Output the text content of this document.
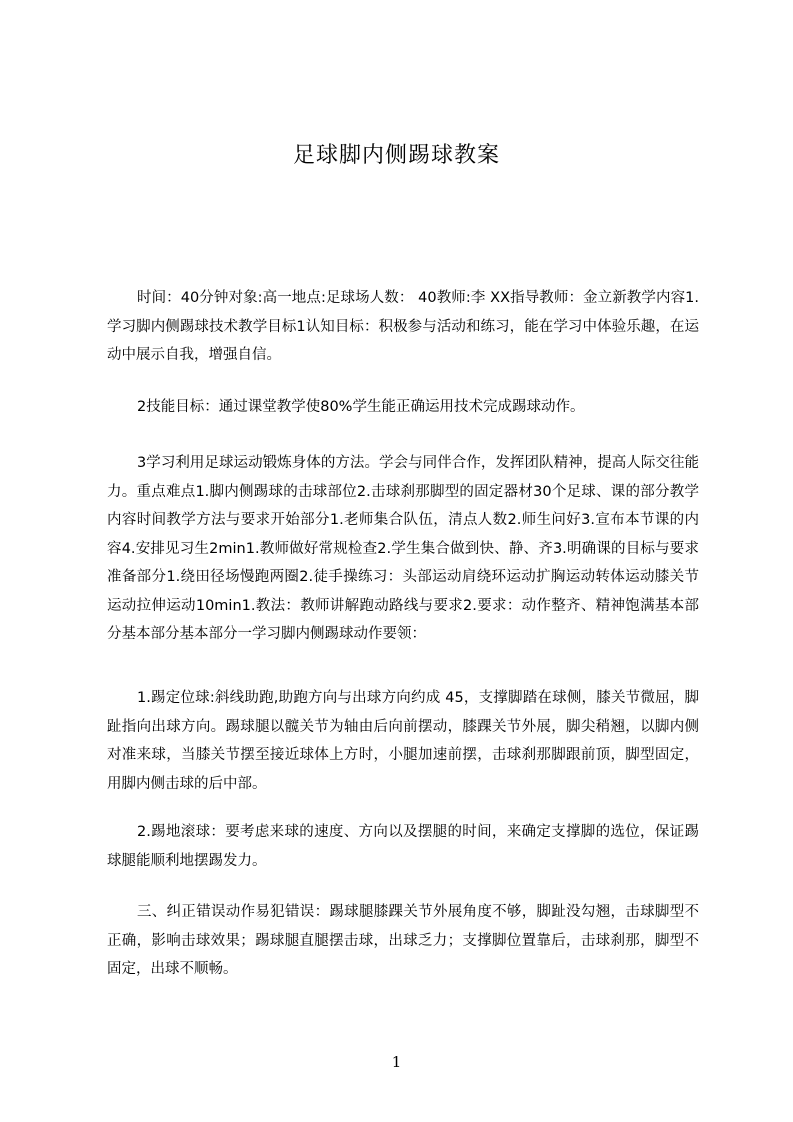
足球脚内侧踢球教案
时间：40分钟对象:高一地点:足球场人数： 40教师:李 XX指导教师：金立新教学内容1.学习脚内侧踢球技术教学目标1认知目标：积极参与活动和练习，能在学习中体验乐趣，在运动中展示自我，增强自信。
2技能目标：通过课堂教学使80%学生能正确运用技术完成踢球动作。
3学习利用足球运动锻炼身体的方法。学会与同伴合作，发挥团队精神，提高人际交往能力。重点难点1.脚内侧踢球的击球部位2.击球刹那脚型的固定器材30个足球、课的部分教学内容时间教学方法与要求开始部分1.老师集合队伍，清点人数2.师生问好3.宣布本节课的内容4.安排见习生2min1.教师做好常规检查2.学生集合做到快、静、齐3.明确课的目标与要求准备部分1.绕田径场慢跑两圈2.徒手操练习：头部运动肩绕环运动扩胸运动转体运动膝关节运动拉伸运动10min1.教法：教师讲解跑动路线与要求2.要求：动作整齐、精神饱满基本部分基本部分基本部分一学习脚内侧踢球动作要领：
1.踢定位球:斜线助跑,助跑方向与出球方向约成 45，支撑脚踏在球侧，膝关节微屈，脚趾指向出球方向。踢球腿以髋关节为轴由后向前摆动，膝踝关节外展，脚尖稍翘，以脚内侧对准来球，当膝关节摆至接近球体上方时，小腿加速前摆，击球刹那脚跟前顶，脚型固定，用脚内侧击球的后中部。
2.踢地滚球：要考虑来球的速度、方向以及摆腿的时间，来确定支撑脚的选位，保证踢球腿能顺利地摆踢发力。
三、纠正错误动作易犯错误：踢球腿膝踝关节外展角度不够，脚趾没勾翘，击球脚型不正确，影响击球效果；踢球腿直腿摆击球，出球乏力；支撑脚位置靠后，击球刹那，脚型不固定，出球不顺畅。
1
